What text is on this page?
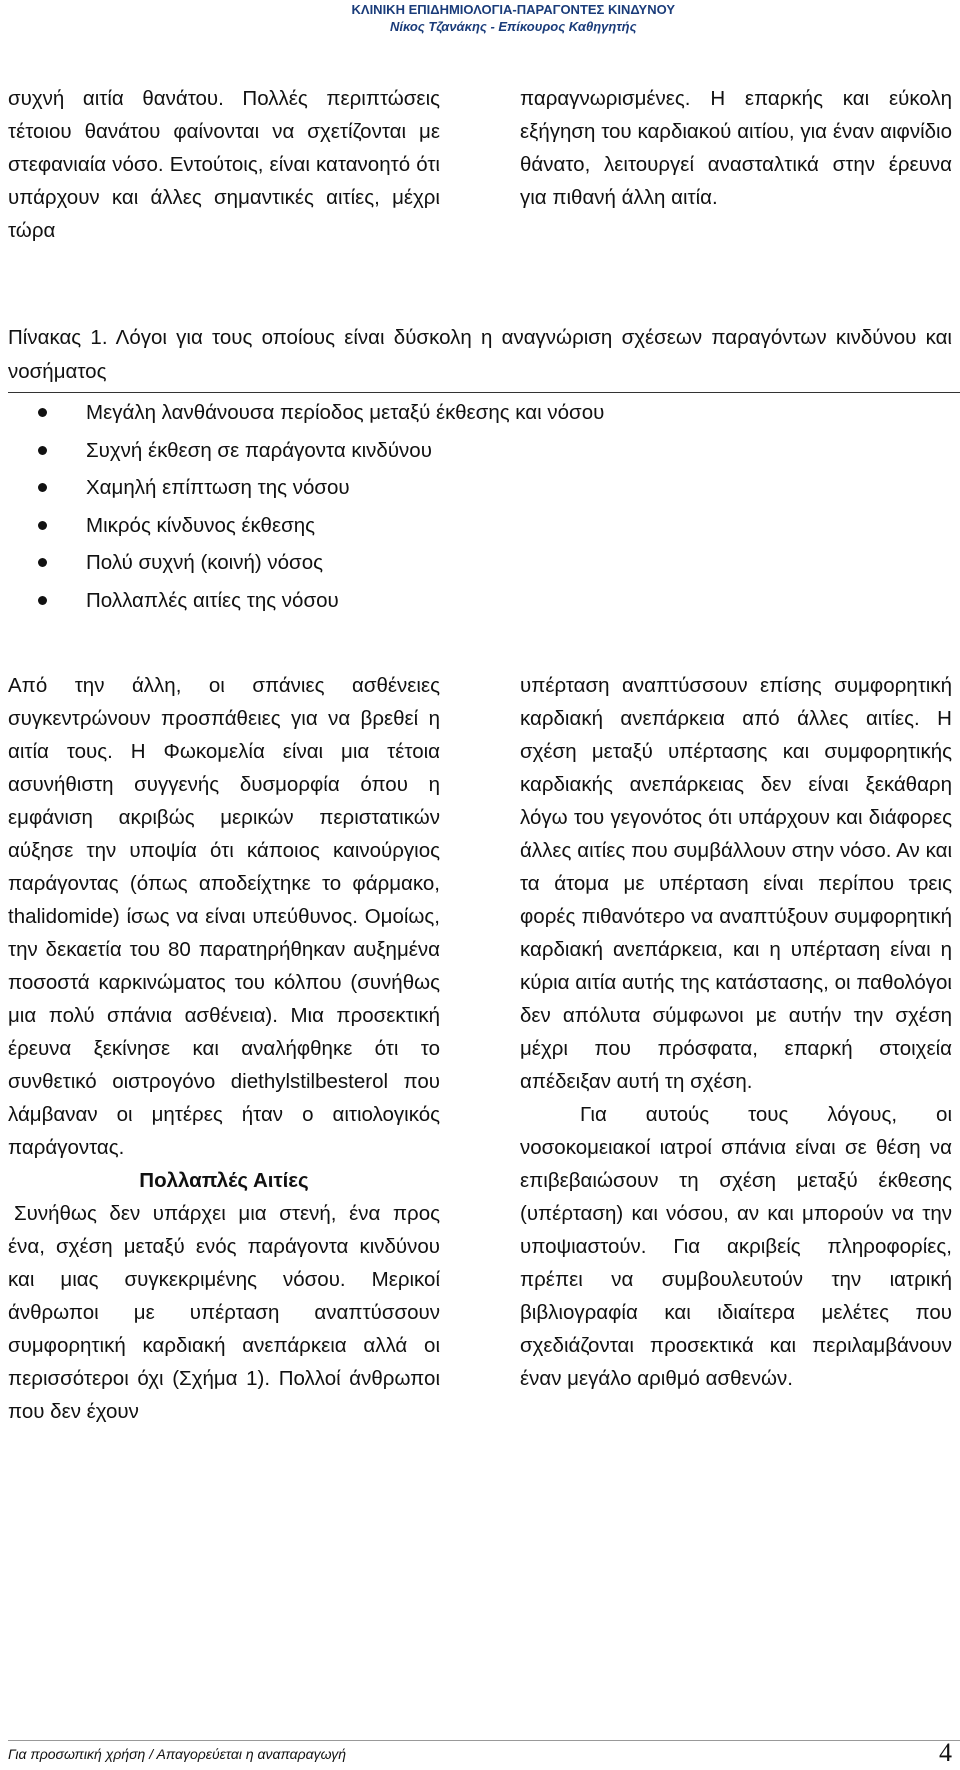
ΚΛΙΝΙΚΗ ΕΠΙΔΗΜΙΟΛΟΓΙΑ-ΠΑΡΑΓΟΝΤΕΣ ΚΙΝΔΥΝΟΥ
Νίκος Τζανάκης - Επίκουρος Καθηγητής

συχνή αιτία θανάτου. Πολλές περιπτώσεις τέτοιου θανάτου φαίνονται να σχετίζονται με στεφανιαία νόσο. Εντούτοις, είναι κατανοητό ότι υπάρχουν και άλλες σημαντικές αιτίες, μέχρι τώρα

παραγνωρισμένες. Η επαρκής και εύκολη εξήγηση του καρδιακού αιτίου, για έναν αιφνίδιο θάνατο, λειτουργεί ανασταλτικά στην έρευνα για πιθανή άλλη αιτία.

Πίνακας 1. Λόγοι για τους οποίους είναι δύσκολη η αναγνώριση σχέσεων παραγόντων κινδύνου και νοσήματος
Μεγάλη λανθάνουσα περίοδος μεταξύ έκθεσης και νόσου
Συχνή έκθεση σε παράγοντα κινδύνου
Χαμηλή επίπτωση της νόσου
Μικρός κίνδυνος έκθεσης
Πολύ συχνή (κοινή) νόσος
Πολλαπλές αιτίες της νόσου

Από την άλλη, οι σπάνιες ασθένειες συγκεντρώνουν προσπάθειες για να βρεθεί η αιτία τους. Η Φωκομελία είναι μια τέτοια ασυνήθιστη συγγενής δυσμορφία όπου η εμφάνιση ακριβώς μερικών περιστατικών αύξησε την υποψία ότι κάποιος καινούργιος παράγοντας (όπως αποδείχτηκε το φάρμακο, thalidomide) ίσως να είναι υπεύθυνος. Ομοίως, την δεκαετία του 80 παρατηρήθηκαν αυξημένα ποσοστά καρκινώματος του κόλπου (συνήθως μια πολύ σπάνια ασθένεια). Μια προσεκτική έρευνα ξεκίνησε και αναλήφθηκε ότι το συνθετικό οιστρογόνο diethylstilbesterol που λάμβαναν οι μητέρες ήταν ο αιτιολογικός παράγοντας.

Πολλαπλές Αιτίες

Συνήθως δεν υπάρχει μια στενή, ένα προς ένα, σχέση μεταξύ ενός παράγοντα κινδύνου και μιας συγκεκριμένης νόσου. Μερικοί άνθρωποι με υπέρταση αναπτύσσουν συμφορητική καρδιακή ανεπάρκεια αλλά οι περισσότεροι όχι (Σχήμα 1). Πολλοί άνθρωποι που δεν έχουν

υπέρταση αναπτύσσουν επίσης συμφορητική καρδιακή ανεπάρκεια από άλλες αιτίες. Η σχέση μεταξύ υπέρτασης και συμφορητικής καρδιακής ανεπάρκειας δεν είναι ξεκάθαρη λόγω του γεγονότος ότι υπάρχουν και διάφορες άλλες αιτίες που συμβάλλουν στην νόσο. Αν και τα άτομα με υπέρταση είναι περίπου τρεις φορές πιθανότερο να αναπτύξουν συμφορητική καρδιακή ανεπάρκεια, και η υπέρταση είναι η κύρια αιτία αυτής της κατάστασης, οι παθολόγοι δεν απόλυτα σύμφωνοι με αυτήν την σχέση μέχρι που πρόσφατα, επαρκή στοιχεία απέδειξαν αυτή τη σχέση.

Για αυτούς τους λόγους, οι νοσοκομειακοί ιατροί σπάνια είναι σε θέση να επιβεβαιώσουν τη σχέση μεταξύ έκθεσης (υπέρταση) και νόσου, αν και μπορούν να την υποψιαστούν. Για ακριβείς πληροφορίες, πρέπει να συμβουλευτούν την ιατρική βιβλιογραφία και ιδιαίτερα μελέτες που σχεδιάζονται προσεκτικά και περιλαμβάνουν έναν μεγάλο αριθμό ασθενών.

Για προσωπική χρήση / Απαγορεύεται η αναπαραγωγή	4
